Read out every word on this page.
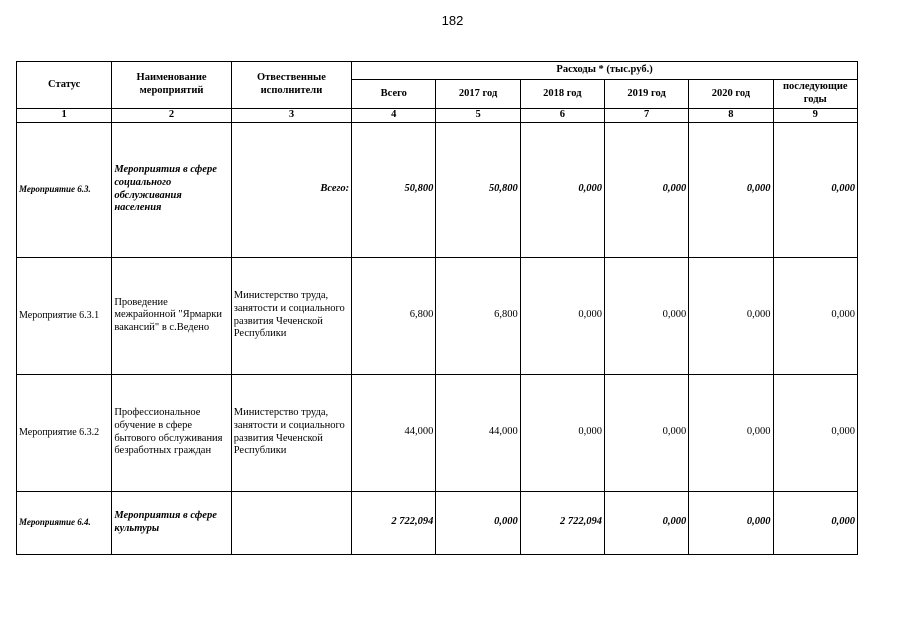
182
Статус	Наименование мероприятий	Отвественные исполнители	Расходы * (тыс.руб.)					
			Всего	2017 год	2018 год	2019 год	2020 год	последующие годы
1	2	3	4	5	6	7	8	9
Мероприятие 6.3.	Мероприятия в сфере социального обслуживания населения	Всего:	50,800	50,800	0,000	0,000	0,000	0,000
Мероприятие 6.3.1	Проведение межрайонной "Ярмарки вакансий" в с.Ведено	Министерство труда, занятости и социального развития Чеченской Республики	6,800	6,800	0,000	0,000	0,000	0,000
Мероприятие 6.3.2	Профессиональное обучение в сфере бытового обслуживания безработных граждан	Министерство труда, занятости и социального развития Чеченской Республики	44,000	44,000	0,000	0,000	0,000	0,000
Мероприятие 6.4.	Мероприятия в сфере культуры		2 722,094	0,000	2 722,094	0,000	0,000	0,000
